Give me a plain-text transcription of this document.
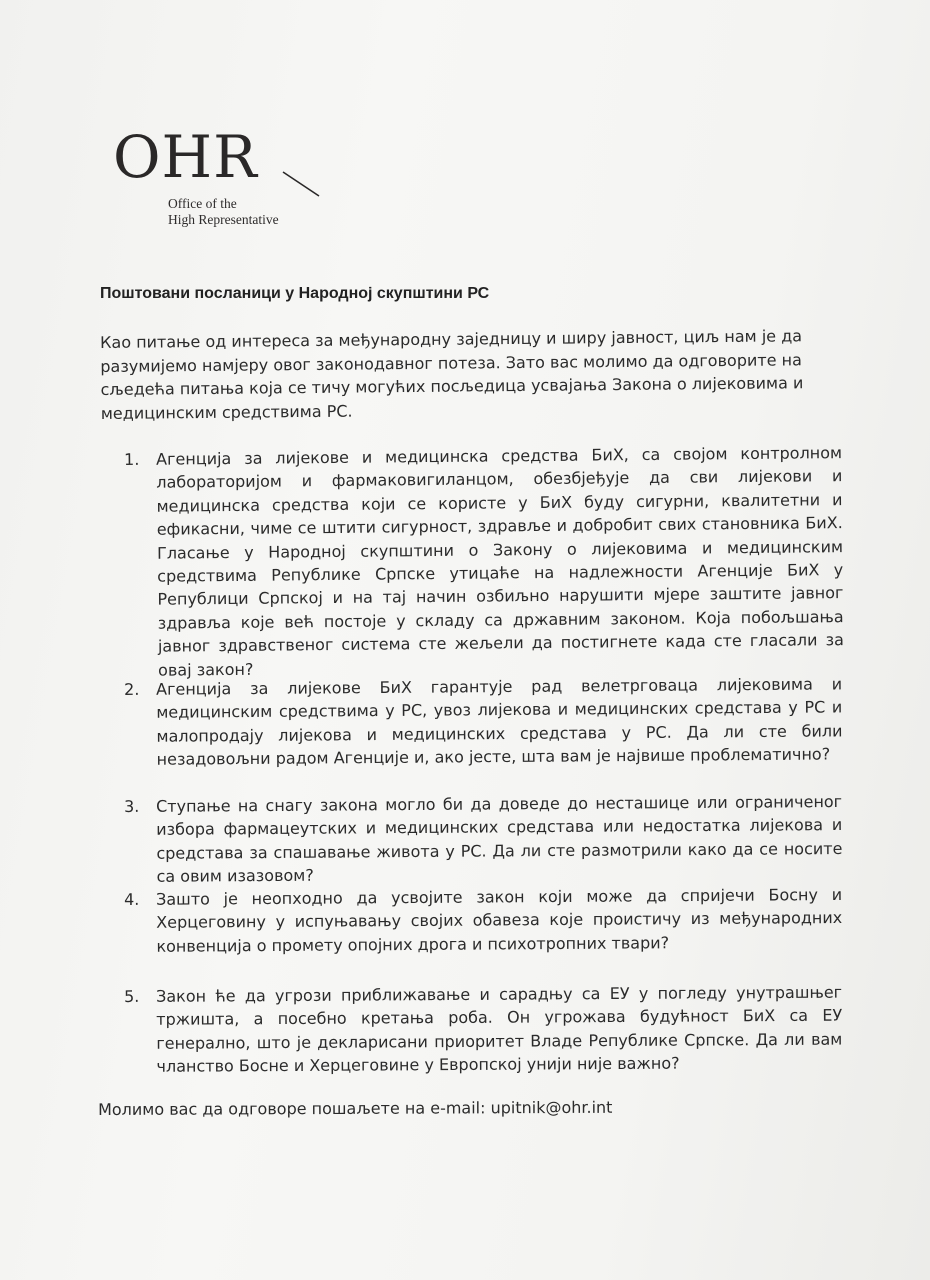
OHR
Office of the
High Representative
Поштовани посланици у Народној скупштини РС
Као питање од интереса за међународну заједницу и ширу јавност, циљ нам је да
разумијемо намјеру овог законодавног потеза. Зато вас молимо да одговорите на
сљедећа питања која се тичу могућих посљедица усвајања Закона о лијековима и
медицинским средствима РС.
1.	Агенција за лијекове и медицинска средства БиХ, са својом контролном лабораторијом и фармаковигиланцом, обезбјеђује да сви лијекови и медицинска средства који се користе у БиХ буду сигурни, квалитетни и ефикасни, чиме се штити сигурност, здравље и добробит свих становника БиХ. Гласање у Народној скупштини о Закону о лијековима и медицинским средствима Републике Српске утицаће на надлежности Агенције БиХ у Републици Српској и на тај начин озбиљно нарушити мјере заштите јавног здравља које већ постоје у складу са државним законом. Која побољшања јавног здравственог система сте жељели да постигнете када сте гласали за овај закон?
2.	Агенција за лијекове БиХ гарантује рад велетрговаца лијековима и медицинским средствима у РС, увоз лијекова и медицинских средстава у РС и малопродају лијекова и медицинских средстава у РС. Да ли сте били незадовољни радом Агенције и, ако јесте, шта вам је највише проблематично?
3.	Ступање на снагу закона могло би да доведе до несташице или ограниченог избора фармацеутских и медицинских средстава или недостатка лијекова и средстава за спашавање живота у РС. Да ли сте размотрили како да се носите са овим изазовом?
4.	Зашто је неопходно да усвојите закон који може да спријечи Босну и Херцеговину у испуњавању својих обавеза које проистичу из међународних конвенција о промету опојних дрога и психотропних твари?
5.	Закон ће да угрози приближавање и сарадњу са ЕУ у погледу унутрашњег тржишта, а посебно кретања роба. Он угрожава будућност БиХ са ЕУ генерално, што је декларисани приоритет Владе Републике Српске. Да ли вам чланство Босне и Херцеговине у Европској унији није важно?
Молимо вас да одговоре пошаљете на e-mail: upitnik@ohr.int
